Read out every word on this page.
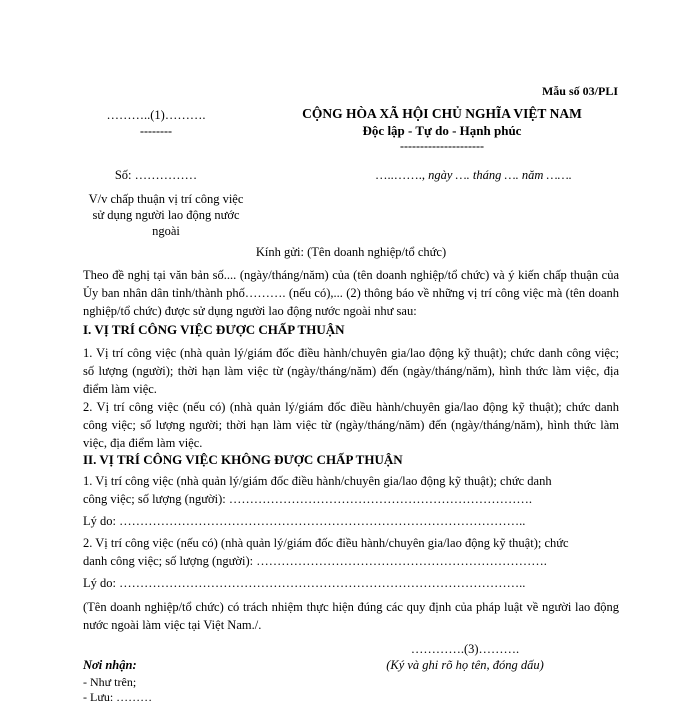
Mẫu số 03/PLI
………..(1)……….
--------
Số: ……………
V/v chấp thuận vị trí công việc
sử dụng người lao động nước
ngoài
CỘNG HÒA XÃ HỘI CHỦ NGHĨA VIỆT NAM
Độc lập - Tự do - Hạnh phúc
---------------------
…..……., ngày …. tháng …. năm …….
Kính gửi: (Tên doanh nghiệp/tổ chức)
Theo đề nghị tại văn bản số.... (ngày/tháng/năm) của (tên doanh nghiệp/tổ chức) và ý kiến chấp thuận của Ủy ban nhân dân tỉnh/thành phố………. (nếu có),... (2) thông báo về những vị trí công việc mà (tên doanh nghiệp/tổ chức) được sử dụng người lao động nước ngoài như sau:
I. VỊ TRÍ CÔNG VIỆC ĐƯỢC CHẤP THUẬN
1. Vị trí công việc (nhà quản lý/giám đốc điều hành/chuyên gia/lao động kỹ thuật); chức danh công việc; số lượng (người); thời hạn làm việc từ (ngày/tháng/năm) đến (ngày/tháng/năm), hình thức làm việc, địa điểm làm việc.
2. Vị trí công việc (nếu có) (nhà quản lý/giám đốc điều hành/chuyên gia/lao động kỹ thuật); chức danh công việc; số lượng người; thời hạn làm việc từ (ngày/tháng/năm) đến (ngày/tháng/năm), hình thức làm việc, địa điểm làm việc.
II. VỊ TRÍ CÔNG VIỆC KHÔNG ĐƯỢC CHẤP THUẬN
1. Vị trí công việc (nhà quản lý/giám đốc điều hành/chuyên gia/lao động kỹ thuật); chức danh
công việc; số lượng (người): ……………………………………………………………….
Lý do: ……………………………………………………………………………………..
2. Vị trí công việc (nếu có) (nhà quản lý/giám đốc điều hành/chuyên gia/lao động kỹ thuật); chức
danh công việc; số lượng (người): …………………………………………………………….
Lý do: ……………………………………………………………………………………..
(Tên doanh nghiệp/tổ chức) có trách nhiệm thực hiện đúng các quy định của pháp luật về người lao động nước ngoài làm việc tại Việt Nam./.
………….(3)……….
(Ký và ghi rõ họ tên, đóng dấu)
Nơi nhận:
- Như trên;
- Lưu: ………
